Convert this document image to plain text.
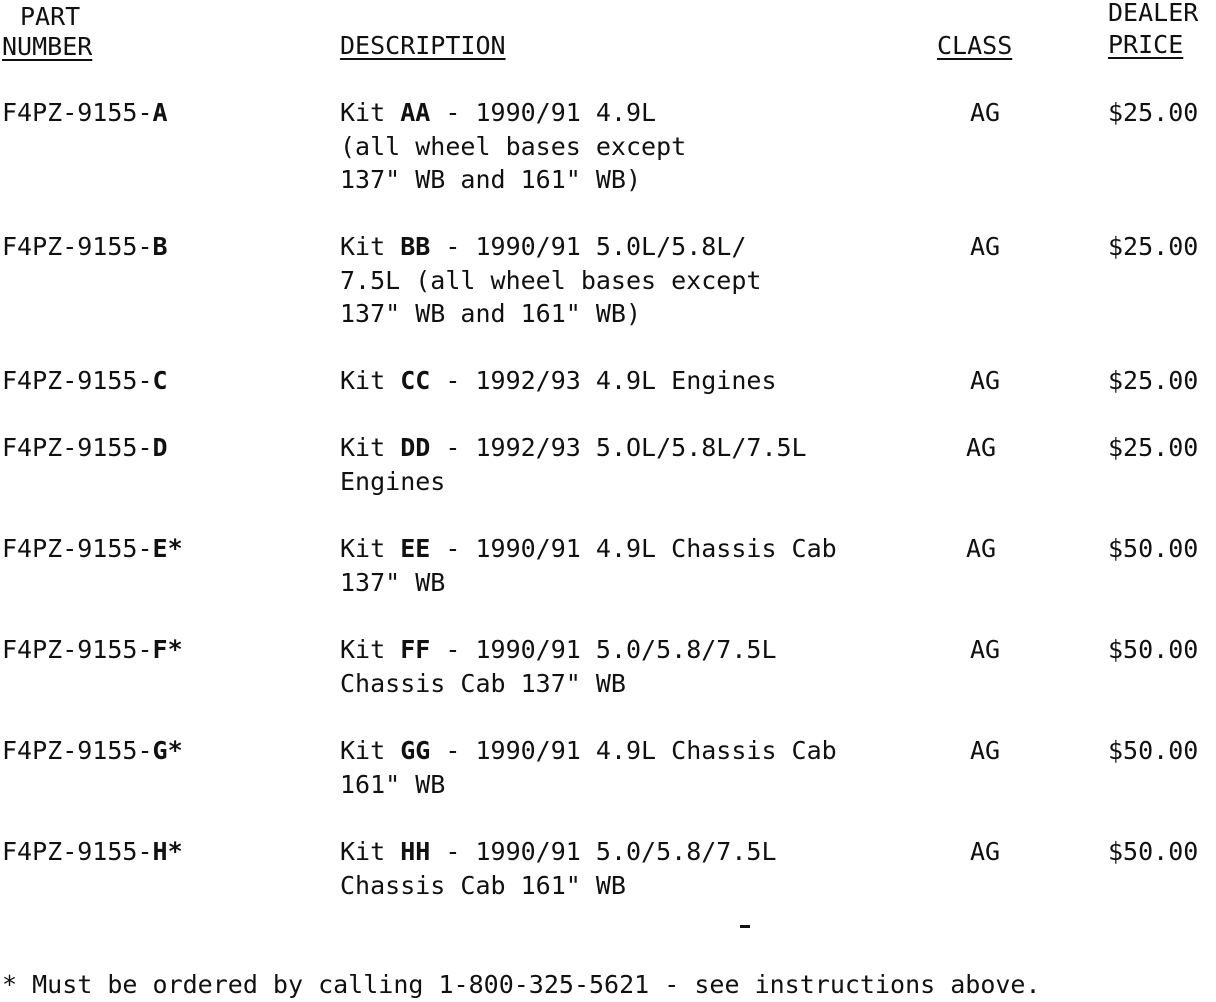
PART
NUMBER	DESCRIPTION	CLASS
DEALER
PRICE
F4PZ-9155-A	Kit AA - 1990/91 4.9L
(all wheel bases except
137" WB and 161" WB)
AG	$25.00
F4PZ-9155-B	Kit BB - 1990/91 5.0L/5.8L/
7.5L (all wheel bases except
137" WB and 161" WB)
AG	$25.00
F4PZ-9155-C	Kit CC - 1992/93 4.9L Engines	AG	$25.00
F4PZ-9155-D	Kit DD - 1992/93 5.OL/5.8L/7.5L
Engines
AG	$25.00
F4PZ-9155-E*	Kit EE - 1990/91 4.9L Chassis Cab
137" WB
AG	$50.00
F4PZ-9155-F*	Kit FF - 1990/91 5.0/5.8/7.5L
Chassis Cab 137" WB
AG	$50.00
F4PZ-9155-G*	Kit GG - 1990/91 4.9L Chassis Cab
161" WB
AG	$50.00
F4PZ-9155-H*	Kit HH - 1990/91 5.0/5.8/7.5L
Chassis Cab 161" WB
AG	$50.00
* Must be ordered by calling 1-800-325-5621 - see instructions above.
